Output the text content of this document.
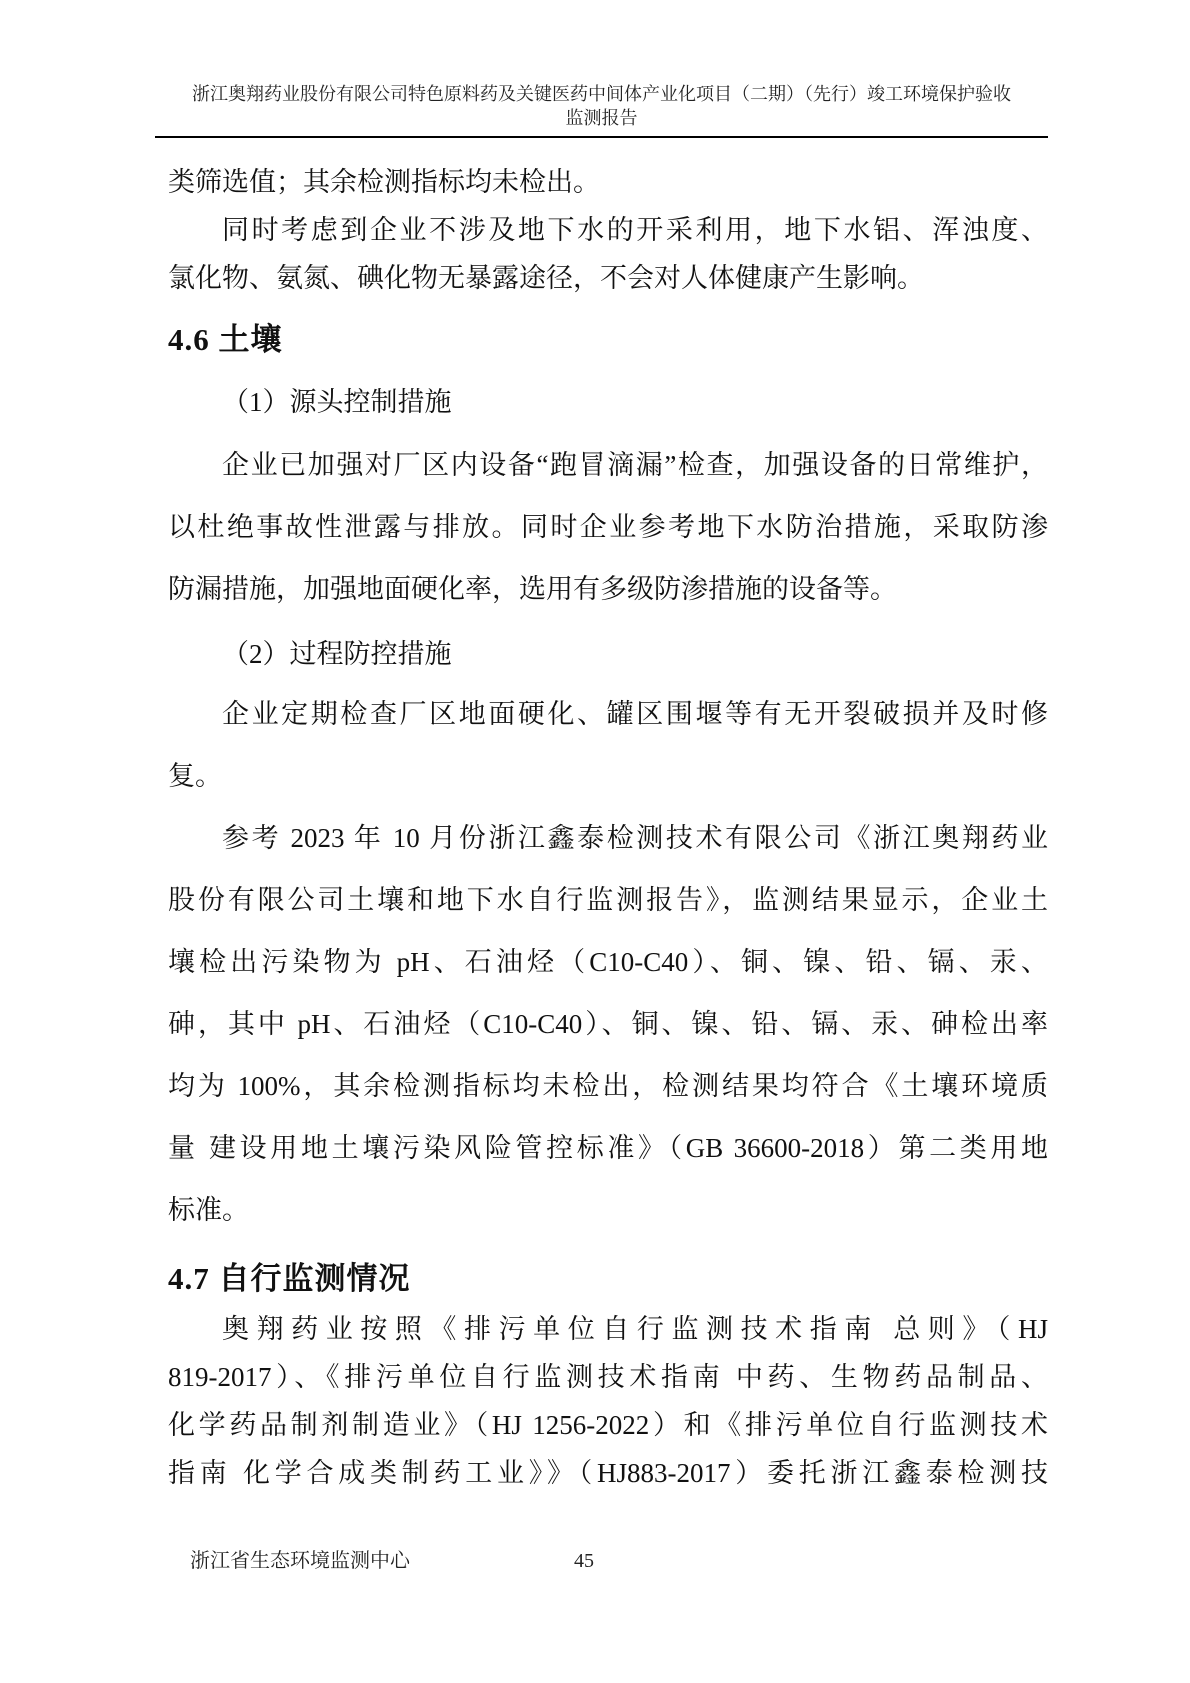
浙江奥翔药业股份有限公司特色原料药及关键医药中间体产业化项目（二期）（先行）竣工环境保护验收
监测报告
类筛选值；其余检测指标均未检出。
同时考虑到企业不涉及地下水的开采利用，地下水铝、浑浊度、
氯化物、氨氮、碘化物无暴露途径，不会对人体健康产生影响。
4.6 土壤
（1）源头控制措施
企业已加强对厂区内设备“跑冒滴漏”检查，加强设备的日常维护，
以杜绝事故性泄露与排放。同时企业参考地下水防治措施，采取防渗
防漏措施，加强地面硬化率，选用有多级防渗措施的设备等。
（2）过程防控措施
企业定期检查厂区地面硬化、罐区围堰等有无开裂破损并及时修
复。
参考 2023 年 10 月份浙江鑫泰检测技术有限公司《浙江奥翔药业
股份有限公司土壤和地下水自行监测报告》，监测结果显示，企业土
壤检出污染物为 pH、石油烃（C10-C40）、铜、镍、铅、镉、汞、
砷，其中 pH、石油烃（C10-C40）、铜、镍、铅、镉、汞、砷检出率
均为 100%，其余检测指标均未检出，检测结果均符合《土壤环境质
量 建设用地土壤污染风险管控标准》（GB 36600-2018）第二类用地
标准。
4.7 自行监测情况
奥翔药业按照《排污单位自行监测技术指南 总则》（HJ
819-2017）、《排污单位自行监测技术指南 中药、生物药品制品、
化学药品制剂制造业》（HJ 1256-2022）和《排污单位自行监测技术
指南 化学合成类制药工业》》（HJ883-2017）委托浙江鑫泰检测技
浙江省生态环境监测中心	45
